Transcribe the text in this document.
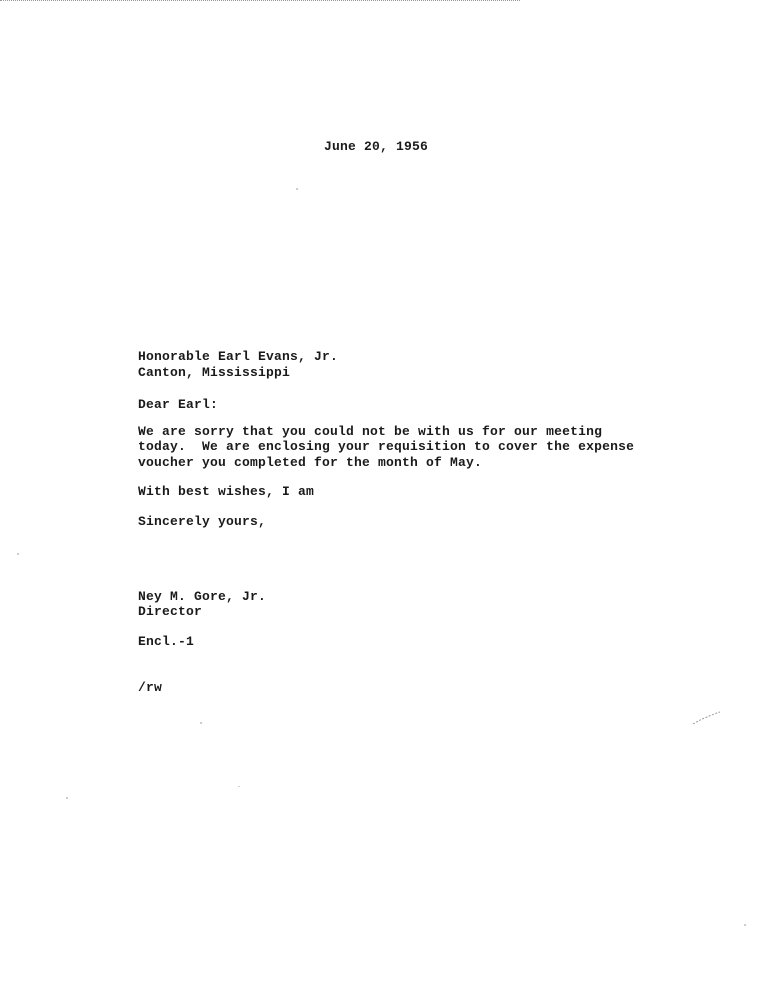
June 20, 1956
Honorable Earl Evans, Jr.
Canton, Mississippi
Dear Earl:
We are sorry that you could not be with us for our meeting
today.  We are enclosing your requisition to cover the expense
voucher you completed for the month of May.
With best wishes, I am
Sincerely yours,
Ney M. Gore, Jr.
Director
Encl.-1
/rw
